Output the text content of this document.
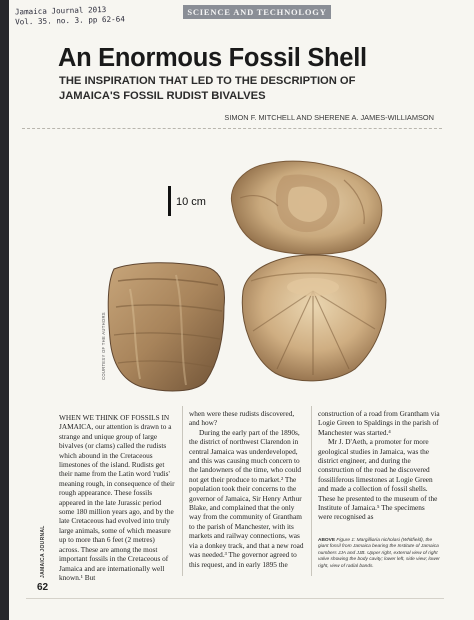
Jamaica Journal 2013
Vol. 35. no. 3. pp 62-64
SCIENCE AND TECHNOLOGY
An Enormous Fossil Shell
THE INSPIRATION THAT LED TO THE DESCRIPTION OF JAMAICA'S FOSSIL RUDIST BIVALVES
SIMON F. MITCHELL AND SHERENE A. JAMES-WILLIAMSON
10 cm
COURTESY OF THE AUTHORS

WHEN WE THINK OF FOSSILS IN JAMAICA, our attention is drawn to a strange and unique group of large bivalves (or clams) called the rudists which abound in the Cretaceous limestones of the island. Rudists get their name from the Latin word 'rudis' meaning rough, in consequence of their rough appearance. These fossils appeared in the late Jurassic period some 180 million years ago, and by the late Cretaceous had evolved into truly large animals, some of which measure up to more than 6 feet (2 metres) across. These are among the most important fossils in the Cretaceous of Jamaica and are internationally well known.¹ But

when were these rudists discovered, and how?

During the early part of the 1890s, the district of northwest Clarendon in central Jamaica was underdeveloped, and this was causing much concern to the landowners of the time, who could not get their produce to market.² The population took their concerns to the governor of Jamaica, Sir Henry Arthur Blake, and complained that the only way from the community of Grantham to the parish of Manchester, with its markets and railway connections, was via a donkey track, and that a new road was needed.³ The governor agreed to this request, and in early 1895 the

construction of a road from Grantham via Logie Green to Spaldings in the parish of Manchester was started.⁴

Mr J. D'Aeth, a promoter for more geological studies in Jamaica, was the district engineer, and during the construction of the road he discovered fossiliferous limestones at Logie Green and made a collection of fossil shells. These he presented to the museum of the Institute of Jamaica.⁵ The specimens were recognised as

ABOVE Figure 1: Margilliaria nicholasi (Whitfield), the giant fossil from Jamaica bearing the Institute of Jamaica numbers JJA and JJB. Upper right, external view of right valve showing the body cavity; lower left, side view; lower right, view of radial bands.
JAMAICA JOURNAL
62
